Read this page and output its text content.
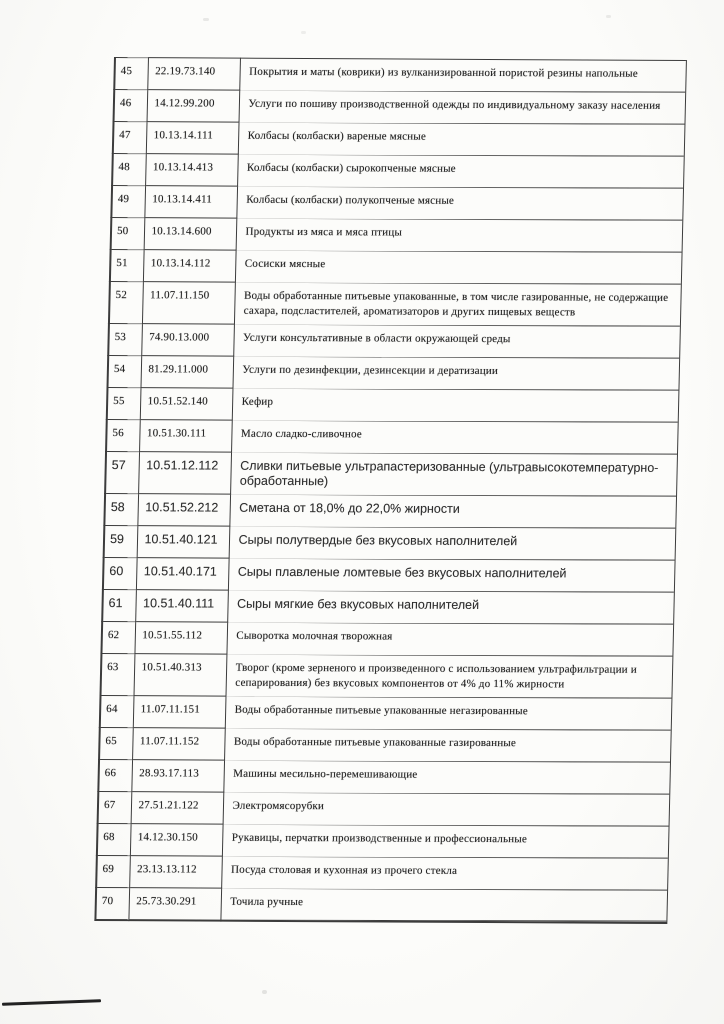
45	22.19.73.140	Покрытия и маты (коврики) из вулканизированной пористой резины напольные
46	14.12.99.200	Услуги по пошиву производственной одежды по индивидуальному заказу населения
47	10.13.14.111	Колбасы (колбаски) вареные мясные
48	10.13.14.413	Колбасы (колбаски) сырокопченые мясные
49	10.13.14.411	Колбасы (колбаски) полукопченые мясные
50	10.13.14.600	Продукты из мяса и мяса птицы
51	10.13.14.112	Сосиски мясные
52	11.07.11.150	Воды обработанные питьевые упакованные, в том числе газированные, не содержащие
сахара, подсластителей, ароматизаторов и других пищевых веществ
53	74.90.13.000	Услуги консультативные в области окружающей среды
54	81.29.11.000	Услуги по дезинфекции, дезинсекции и дератизации
55	10.51.52.140	Кефир
56	10.51.30.111	Масло сладко-сливочное
57	10.51.12.112	Сливки питьевые ультрапастеризованные (ультравысокотемпературно-
обработанные)
58	10.51.52.212	Сметана от 18,0% до 22,0% жирности
59	10.51.40.121	Сыры полутвердые без вкусовых наполнителей
60	10.51.40.171	Сыры плавленые ломтевые без вкусовых наполнителей
61	10.51.40.111	Сыры мягкие без вкусовых наполнителей
62	10.51.55.112	Сыворотка молочная творожная
63	10.51.40.313	Творог (кроме зерненого и произведенного с использованием ультрафильтрации и
сепарирования) без вкусовых компонентов от 4% до 11% жирности
64	11.07.11.151	Воды обработанные питьевые упакованные негазированные
65	11.07.11.152	Воды обработанные питьевые упакованные газированные
66	28.93.17.113	Машины месильно-перемешивающие
67	27.51.21.122	Электромясорубки
68	14.12.30.150	Рукавицы, перчатки производственные и профессиональные
69	23.13.13.112	Посуда столовая и кухонная из прочего стекла
70	25.73.30.291	Точила ручные
